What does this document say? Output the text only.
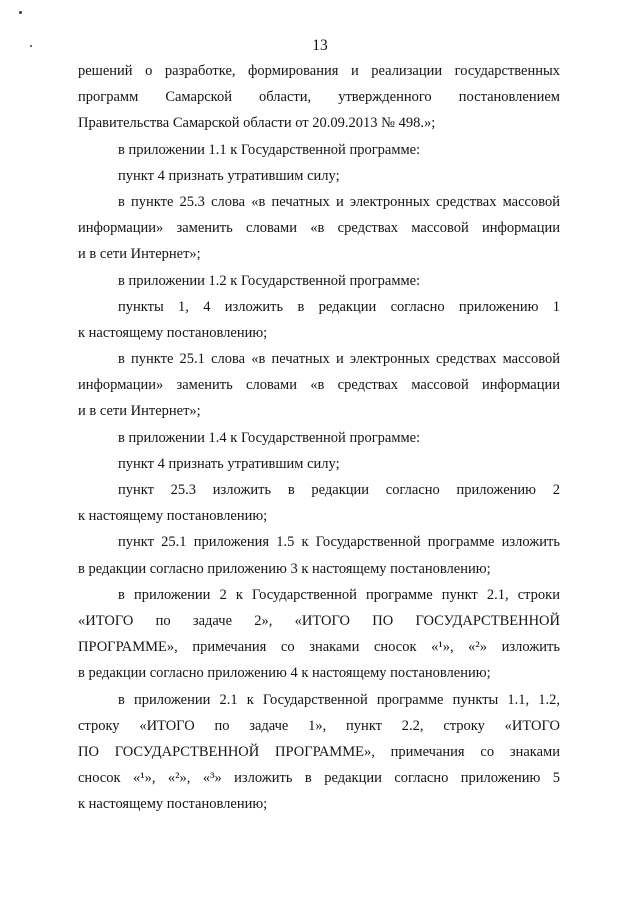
13
решений о разработке, формирования и реализации государственных
программ Самарской области, утвержденного постановлением
Правительства Самарской области от 20.09.2013 № 498.»;
в приложении 1.1 к Государственной программе:
пункт 4 признать утратившим силу;
в пункте 25.3 слова «в печатных и электронных средствах массовой
информации» заменить словами «в средствах массовой информации
и в сети Интернет»;
в приложении 1.2 к Государственной программе:
пункты 1, 4 изложить в редакции согласно приложению 1
к настоящему постановлению;
в пункте 25.1 слова «в печатных и электронных средствах массовой
информации» заменить словами «в средствах массовой информации
и в сети Интернет»;
в приложении 1.4 к Государственной программе:
пункт 4 признать утратившим силу;
пункт 25.3 изложить в редакции согласно приложению 2
к настоящему постановлению;
пункт 25.1 приложения 1.5 к Государственной программе изложить
в редакции согласно приложению 3 к настоящему постановлению;
в приложении 2 к Государственной программе пункт 2.1, строки
«ИТОГО по задаче 2», «ИТОГО ПО ГОСУДАРСТВЕННОЙ
ПРОГРАММЕ», примечания со знаками сносок «¹», «²» изложить
в редакции согласно приложению 4 к настоящему постановлению;
в приложении 2.1 к Государственной программе пункты 1.1, 1.2,
строку «ИТОГО по задаче 1», пункт 2.2, строку «ИТОГО
ПО ГОСУДАРСТВЕННОЙ ПРОГРАММЕ», примечания со знаками
сносок «¹», «²», «³» изложить в редакции согласно приложению 5
к настоящему постановлению;
